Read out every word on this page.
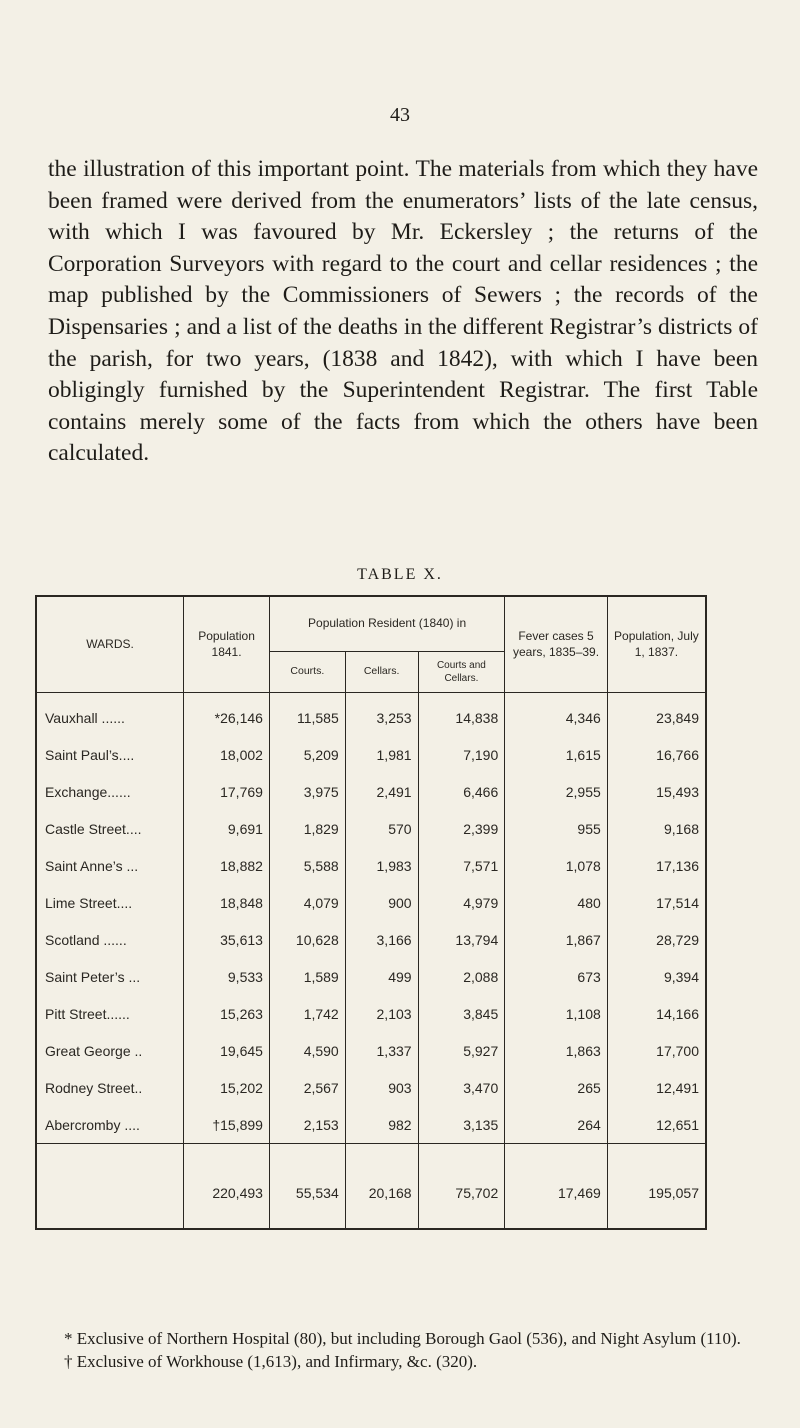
43

the illustration of this important point. The materials from which they have been framed were derived from the enumerators’ lists of the late census, with which I was favoured by Mr. Eckersley ; the returns of the Corporation Surveyors with regard to the court and cellar residences ; the map published by the Commissioners of Sewers ; the records of the Dispensaries ; and a list of the deaths in the different Registrar’s districts of the parish, for two years, (1838 and 1842), with which I have been obligingly furnished by the Superintendent Registrar. The first Table contains merely some of the facts from which the others have been calculated.

TABLE X.
WARDS.	Population 1841.	Population Resident (1840) in			Fever cases 5 years, 1835–39.	Population, July 1, 1837.
		Courts.	Cellars.	Courts and Cellars.		
Vauxhall ......	*26,146	11,585	3,253	14,838	4,346	23,849
Saint Paul’s....	18,002	5,209	1,981	7,190	1,615	16,766
Exchange......	17,769	3,975	2,491	6,466	2,955	15,493
Castle Street....	9,691	1,829	570	2,399	955	9,168
Saint Anne’s ...	18,882	5,588	1,983	7,571	1,078	17,136
Lime Street....	18,848	4,079	900	4,979	480	17,514
Scotland ......	35,613	10,628	3,166	13,794	1,867	28,729
Saint Peter’s ...	9,533	1,589	499	2,088	673	9,394
Pitt Street......	15,263	1,742	2,103	3,845	1,108	14,166
Great George ..	19,645	4,590	1,337	5,927	1,863	17,700
Rodney Street..	15,202	2,567	903	3,470	265	12,491
Abercromby ....	†15,899	2,153	982	3,135	264	12,651
	220,493	55,534	20,168	75,702	17,469	195,057

* Exclusive of Northern Hospital (80), but including Borough Gaol (536), and Night Asylum (110).

† Exclusive of Workhouse (1,613), and Infirmary, &c. (320).
